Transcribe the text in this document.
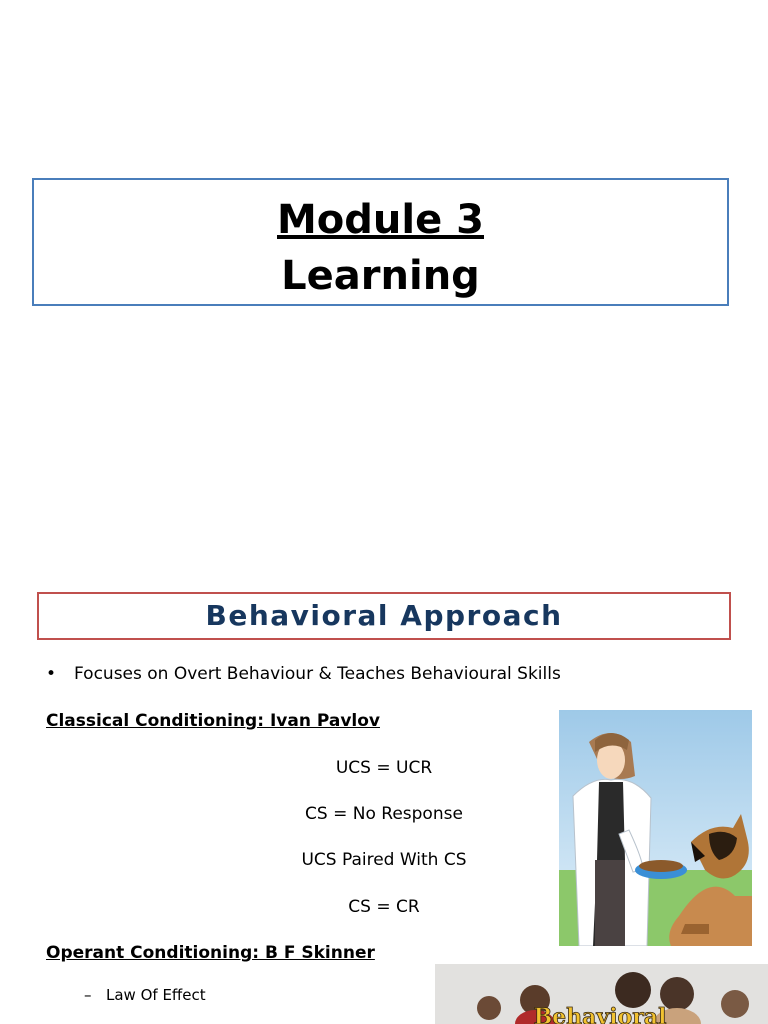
Module 3
Learning
Behavioral Approach
• Focuses on Overt Behaviour & Teaches Behavioural Skills
Classical Conditioning: Ivan Pavlov
UCS = UCR
CS = No Response
UCS Paired With CS
CS = CR
Operant Conditioning: B F Skinner
– Law Of Effect
Behavioral
